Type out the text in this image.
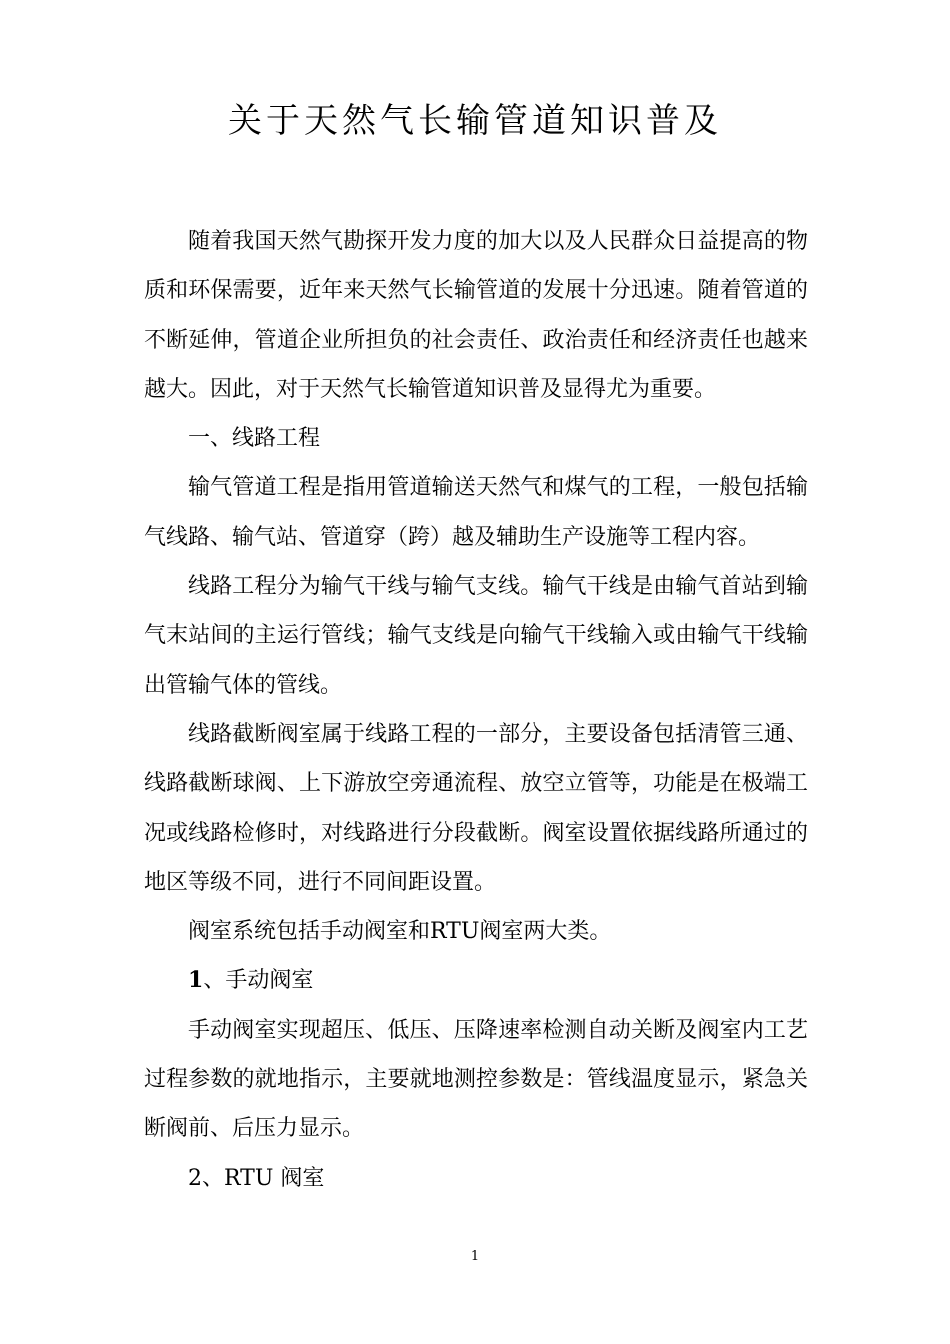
关于天然气长输管道知识普及

随着我国天然气勘探开发力度的加大以及人民群众日益提高的物质和环保需要，近年来天然气长输管道的发展十分迅速。随着管道的不断延伸，管道企业所担负的社会责任、政治责任和经济责任也越来越大。因此，对于天然气长输管道知识普及显得尤为重要。

一、线路工程

输气管道工程是指用管道输送天然气和煤气的工程，一般包括输气线路、输气站、管道穿（跨）越及辅助生产设施等工程内容。

线路工程分为输气干线与输气支线。输气干线是由输气首站到输气末站间的主运行管线；输气支线是向输气干线输入或由输气干线输出管输气体的管线。

线路截断阀室属于线路工程的一部分，主要设备包括清管三通、线路截断球阀、上下游放空旁通流程、放空立管等，功能是在极端工况或线路检修时，对线路进行分段截断。阀室设置依据线路所通过的地区等级不同，进行不同间距设置。

阀室系统包括手动阀室和RTU阀室两大类。

1、手动阀室

手动阀室实现超压、低压、压降速率检测自动关断及阀室内工艺过程参数的就地指示，主要就地测控参数是：管线温度显示，紧急关断阀前、后压力显示。

2、RTU 阀室

1
